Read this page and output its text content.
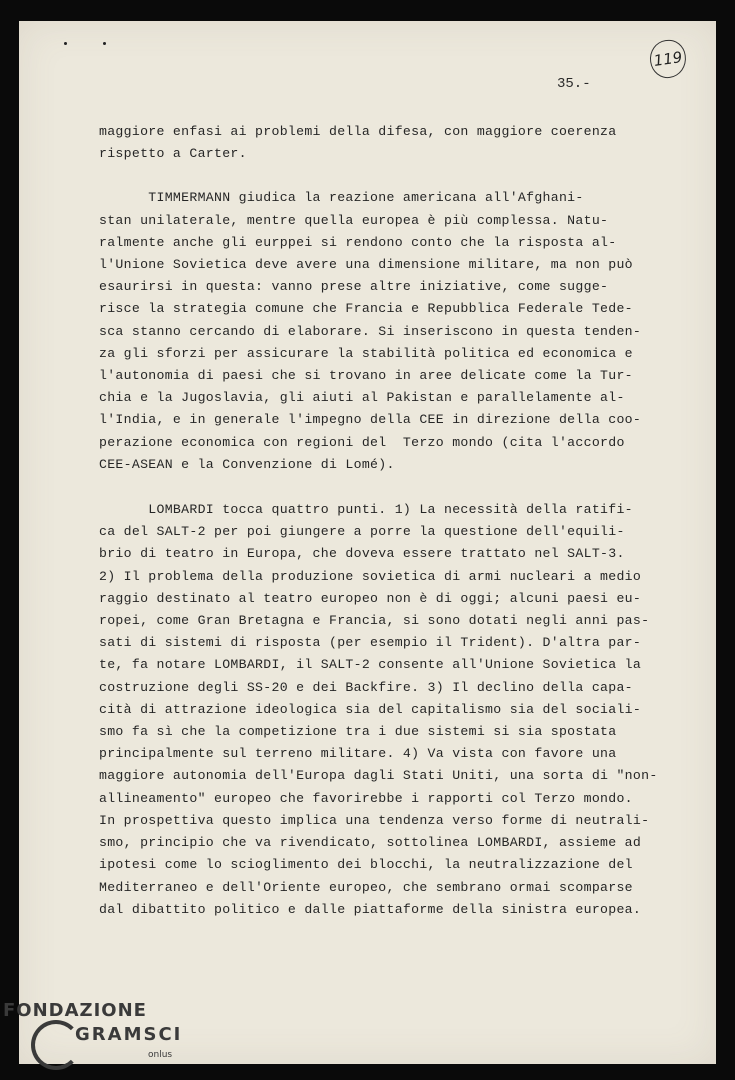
35.-
119

maggiore enfasi ai problemi della difesa, con maggiore coerenza

rispetto a Carter.

TIMMERMANN giudica la reazione americana all'Afghani-

stan unilaterale, mentre quella europea è più complessa. Natu-

ralmente anche gli eurppei si rendono conto che la risposta al-

l'Unione Sovietica deve avere una dimensione militare, ma non può

esaurirsi in questa: vanno prese altre iniziative, come sugge-

risce la strategia comune che Francia e Repubblica Federale Tede-

sca stanno cercando di elaborare. Si inseriscono in questa tenden-

za gli sforzi per assicurare la stabilità politica ed economica e

l'autonomia di paesi che si trovano in aree delicate come la Tur-

chia e la Jugoslavia, gli aiuti al Pakistan e parallelamente al-

l'India, e in generale l'impegno della CEE in direzione della coo-

perazione economica con regioni del  Terzo mondo (cita l'accordo

CEE-ASEAN e la Convenzione di Lomé).

LOMBARDI tocca quattro punti. 1) La necessità della ratifi-

ca del SALT-2 per poi giungere a porre la questione dell'equili-

brio di teatro in Europa, che doveva essere trattato nel SALT-3.

2) Il problema della produzione sovietica di armi nucleari a medio

raggio destinato al teatro europeo non è di oggi; alcuni paesi eu-

ropei, come Gran Bretagna e Francia, si sono dotati negli anni pas-

sati di sistemi di risposta (per esempio il Trident). D'altra par-

te, fa notare LOMBARDI, il SALT-2 consente all'Unione Sovietica la

costruzione degli SS-20 e dei Backfire. 3) Il declino della capa-

cità di attrazione ideologica sia del capitalismo sia del sociali-

smo fa sì che la competizione tra i due sistemi si sia spostata

principalmente sul terreno militare. 4) Va vista con favore una

maggiore autonomia dell'Europa dagli Stati Uniti, una sorta di "non-

allineamento" europeo che favorirebbe i rapporti col Terzo mondo.

In prospettiva questo implica una tendenza verso forme di neutrali-

smo, principio che va rivendicato, sottolinea LOMBARDI, assieme ad

ipotesi come lo scioglimento dei blocchi, la neutralizzazione del

Mediterraneo e dell'Oriente europeo, che sembrano ormai scomparse

dal dibattito politico e dalle piattaforme della sinistra europea.

FONDAZIONE
GRAMSCI
onlus
